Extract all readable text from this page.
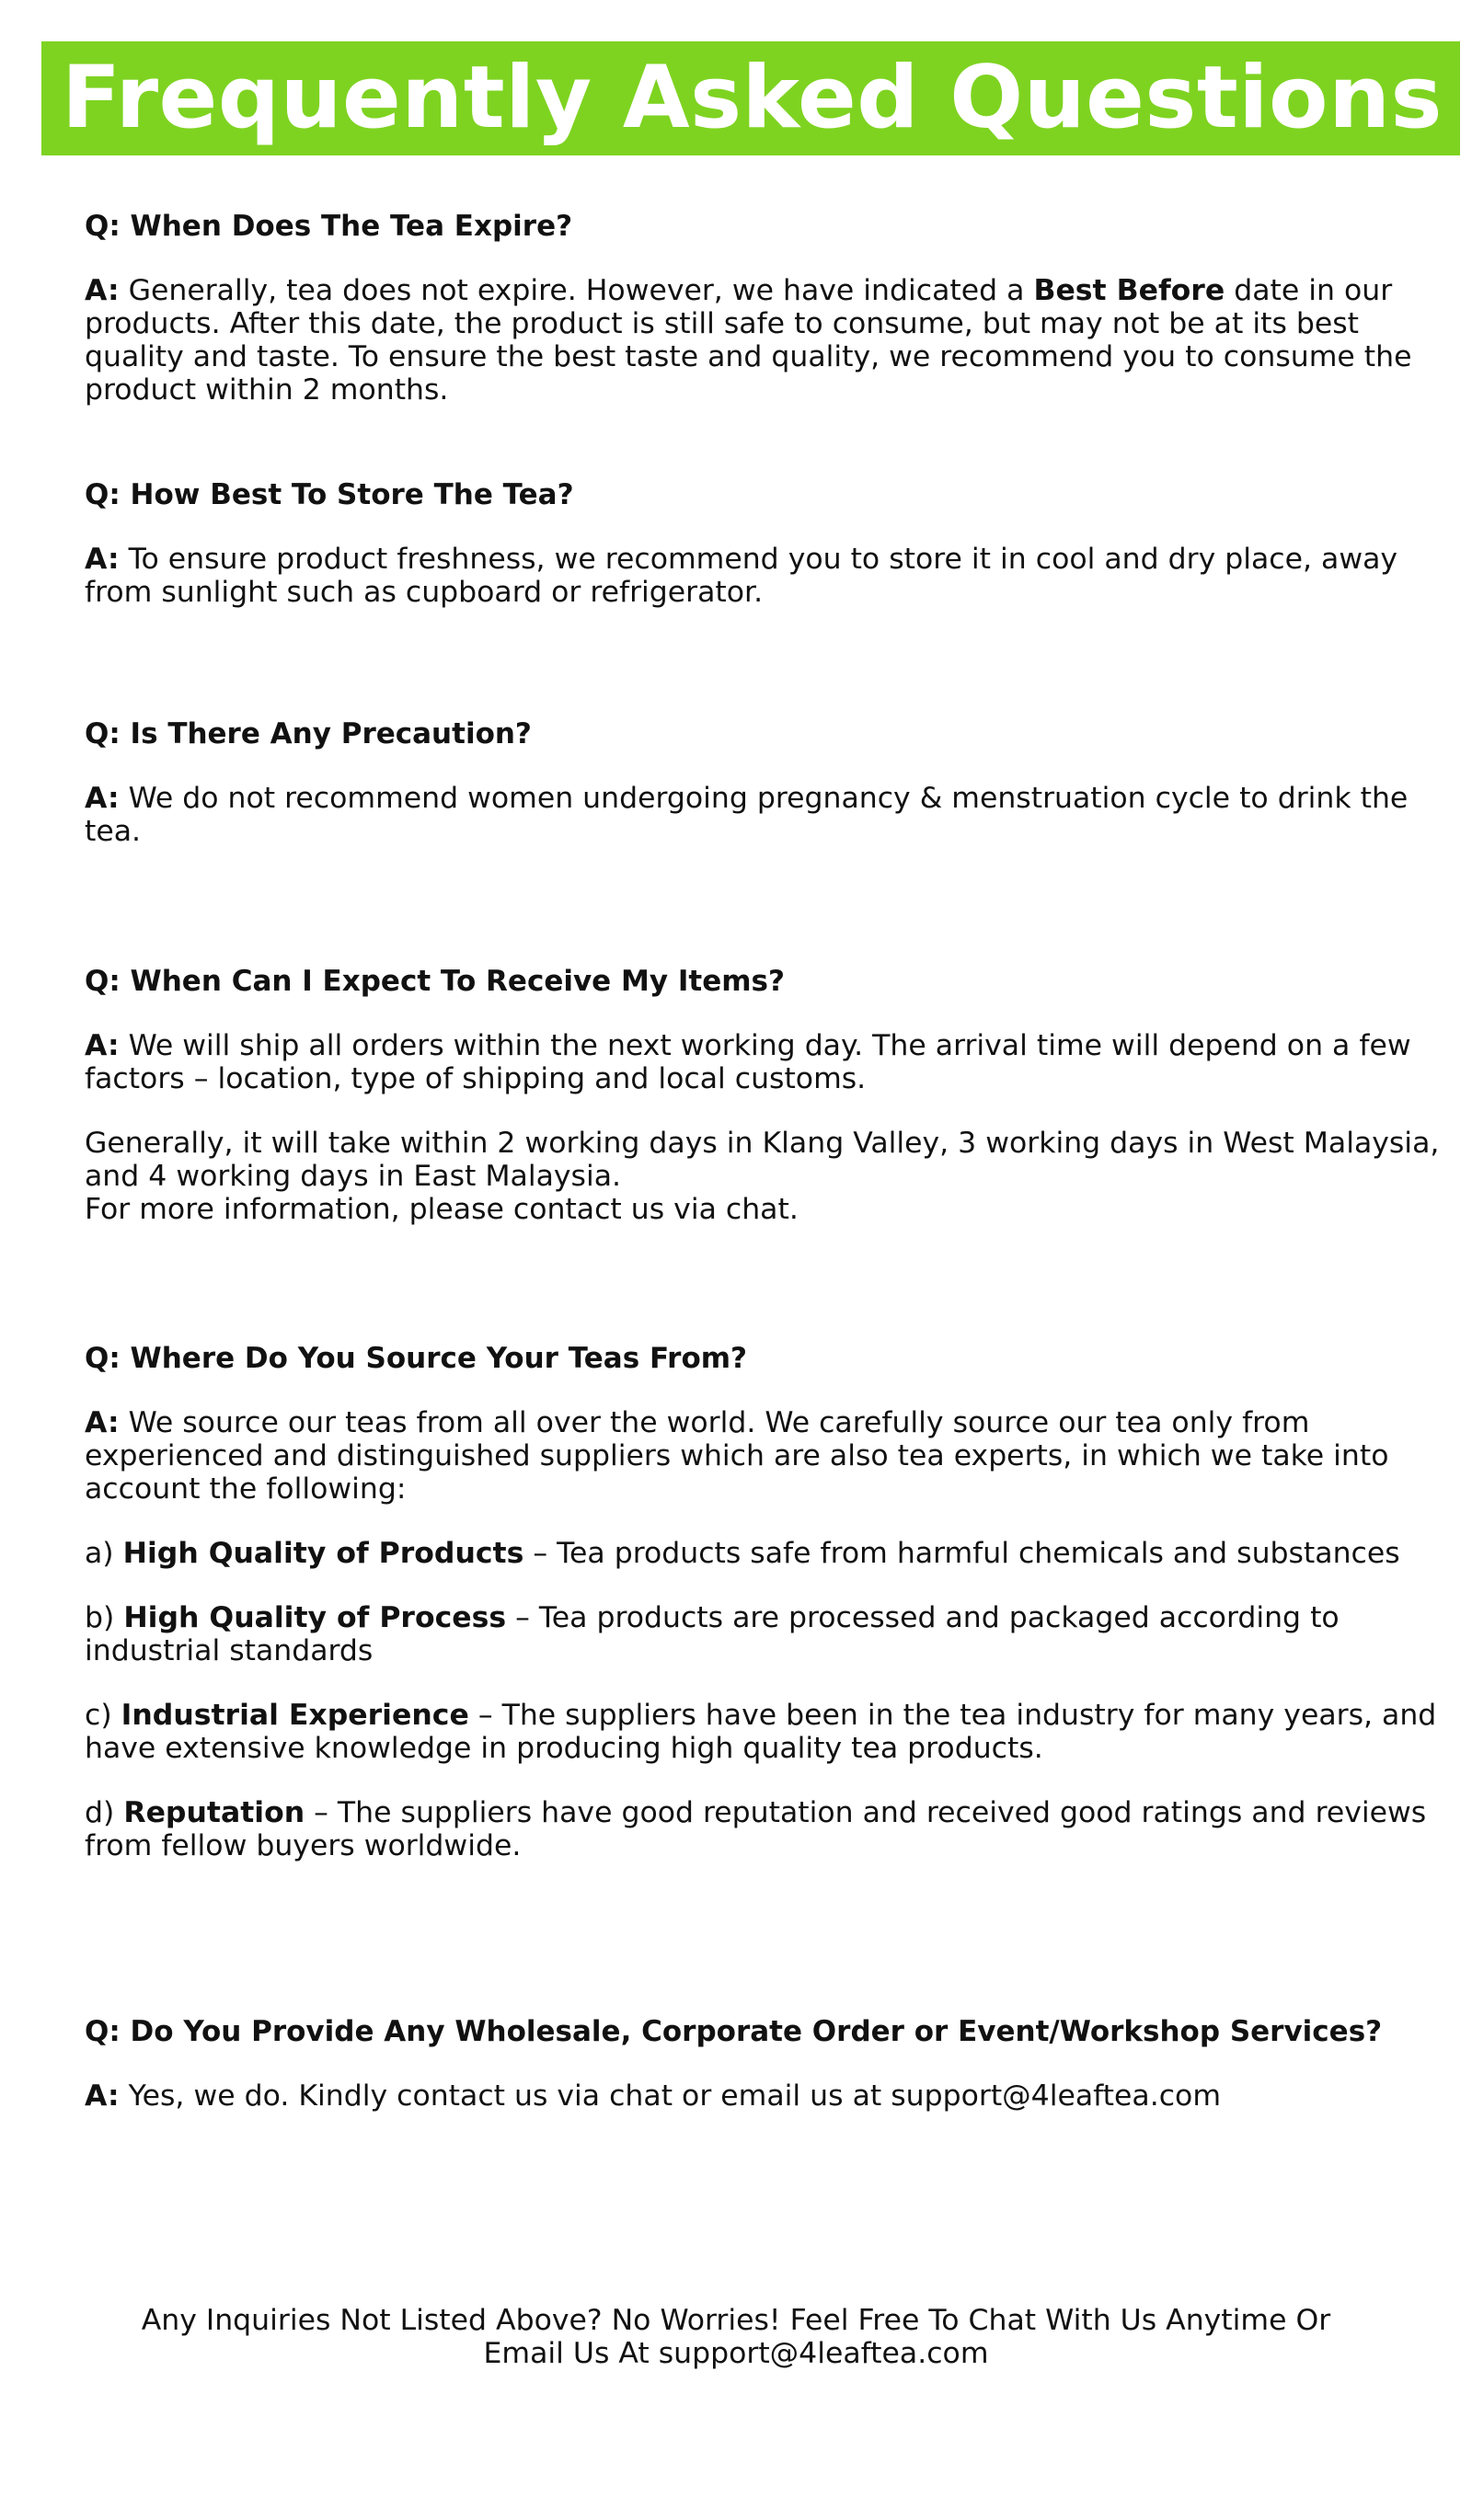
Frequently Asked Questions

Q: When Does The Tea Expire?

A: Generally, tea does not expire. However, we have indicated a Best Before date in our products. After this date, the product is still safe to consume, but may not be at its best quality and taste. To ensure the best taste and quality, we recommend you to consume the product within 2 months.

Q: How Best To Store The Tea?

A: To ensure product freshness, we recommend you to store it in cool and dry place, away from sunlight such as cupboard or refrigerator.

Q: Is There Any Precaution?

A: We do not recommend women undergoing pregnancy & menstruation cycle to drink the tea.

Q: When Can I Expect To Receive My Items?

A: We will ship all orders within the next working day. The arrival time will depend on a few factors – location, type of shipping and local customs.

Generally, it will take within 2 working days in Klang Valley, 3 working days in West Malaysia, and 4 working days in East Malaysia.
For more information, please contact us via chat.

Q: Where Do You Source Your Teas From?

A: We source our teas from all over the world. We carefully source our tea only from experienced and distinguished suppliers which are also tea experts, in which we take into account the following:

a) High Quality of Products – Tea products safe from harmful chemicals and substances

b) High Quality of Process – Tea products are processed and packaged according to industrial standards

c) Industrial Experience – The suppliers have been in the tea industry for many years, and have extensive knowledge in producing high quality tea products.

d) Reputation – The suppliers have good reputation and received good ratings and reviews from fellow buyers worldwide.

Q: Do You Provide Any Wholesale, Corporate Order or Event/Workshop Services?

A: Yes, we do. Kindly contact us via chat or email us at support@4leaftea.com

Any Inquiries Not Listed Above? No Worries! Feel Free To Chat With Us Anytime Or

Email Us At support@4leaftea.com
